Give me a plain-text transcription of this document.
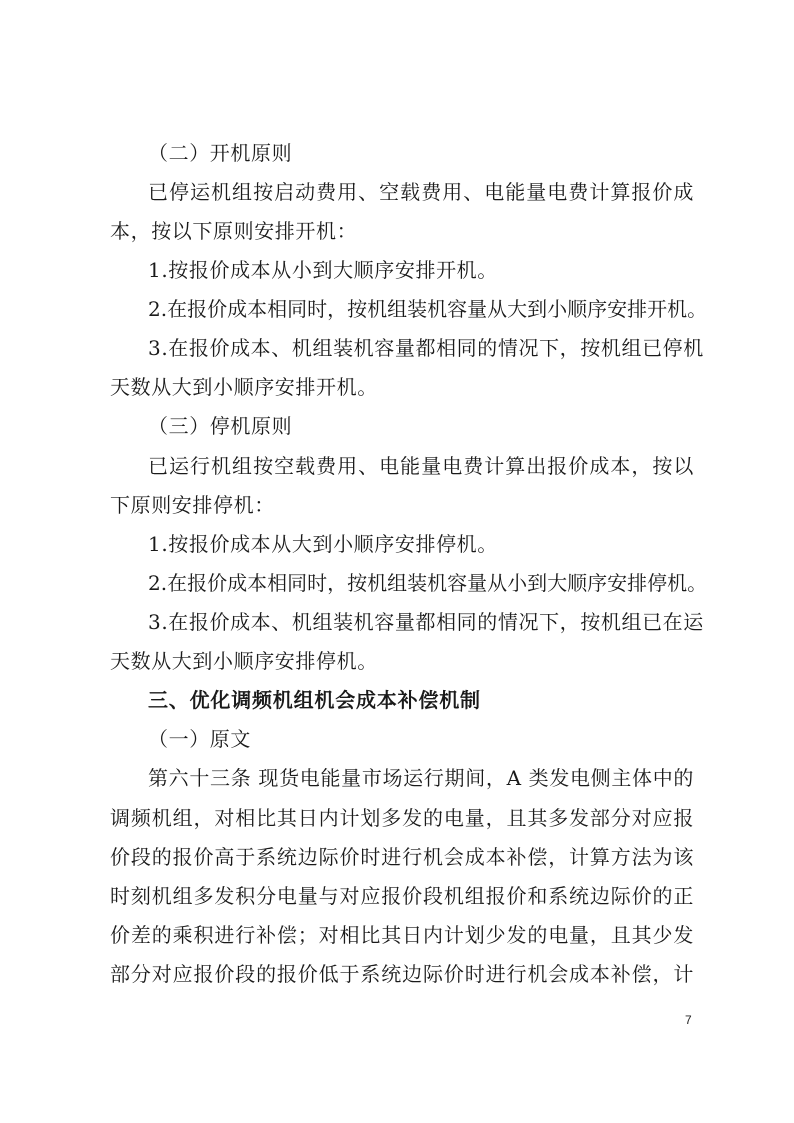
（二）开机原则
已停运机组按启动费用、空载费用、电能量电费计算报价成
本，按以下原则安排开机：
1.按报价成本从小到大顺序安排开机。
2.在报价成本相同时，按机组装机容量从大到小顺序安排开机。
3.在报价成本、机组装机容量都相同的情况下，按机组已停机
天数从大到小顺序安排开机。
（三）停机原则
已运行机组按空载费用、电能量电费计算出报价成本，按以
下原则安排停机：
1.按报价成本从大到小顺序安排停机。
2.在报价成本相同时，按机组装机容量从小到大顺序安排停机。
3.在报价成本、机组装机容量都相同的情况下，按机组已在运
天数从大到小顺序安排停机。
三、优化调频机组机会成本补偿机制
（一）原文
第六十三条 现货电能量市场运行期间，A 类发电侧主体中的
调频机组，对相比其日内计划多发的电量，且其多发部分对应报
价段的报价高于系统边际价时进行机会成本补偿，计算方法为该
时刻机组多发积分电量与对应报价段机组报价和系统边际价的正
价差的乘积进行补偿；对相比其日内计划少发的电量，且其少发
部分对应报价段的报价低于系统边际价时进行机会成本补偿，计
7
